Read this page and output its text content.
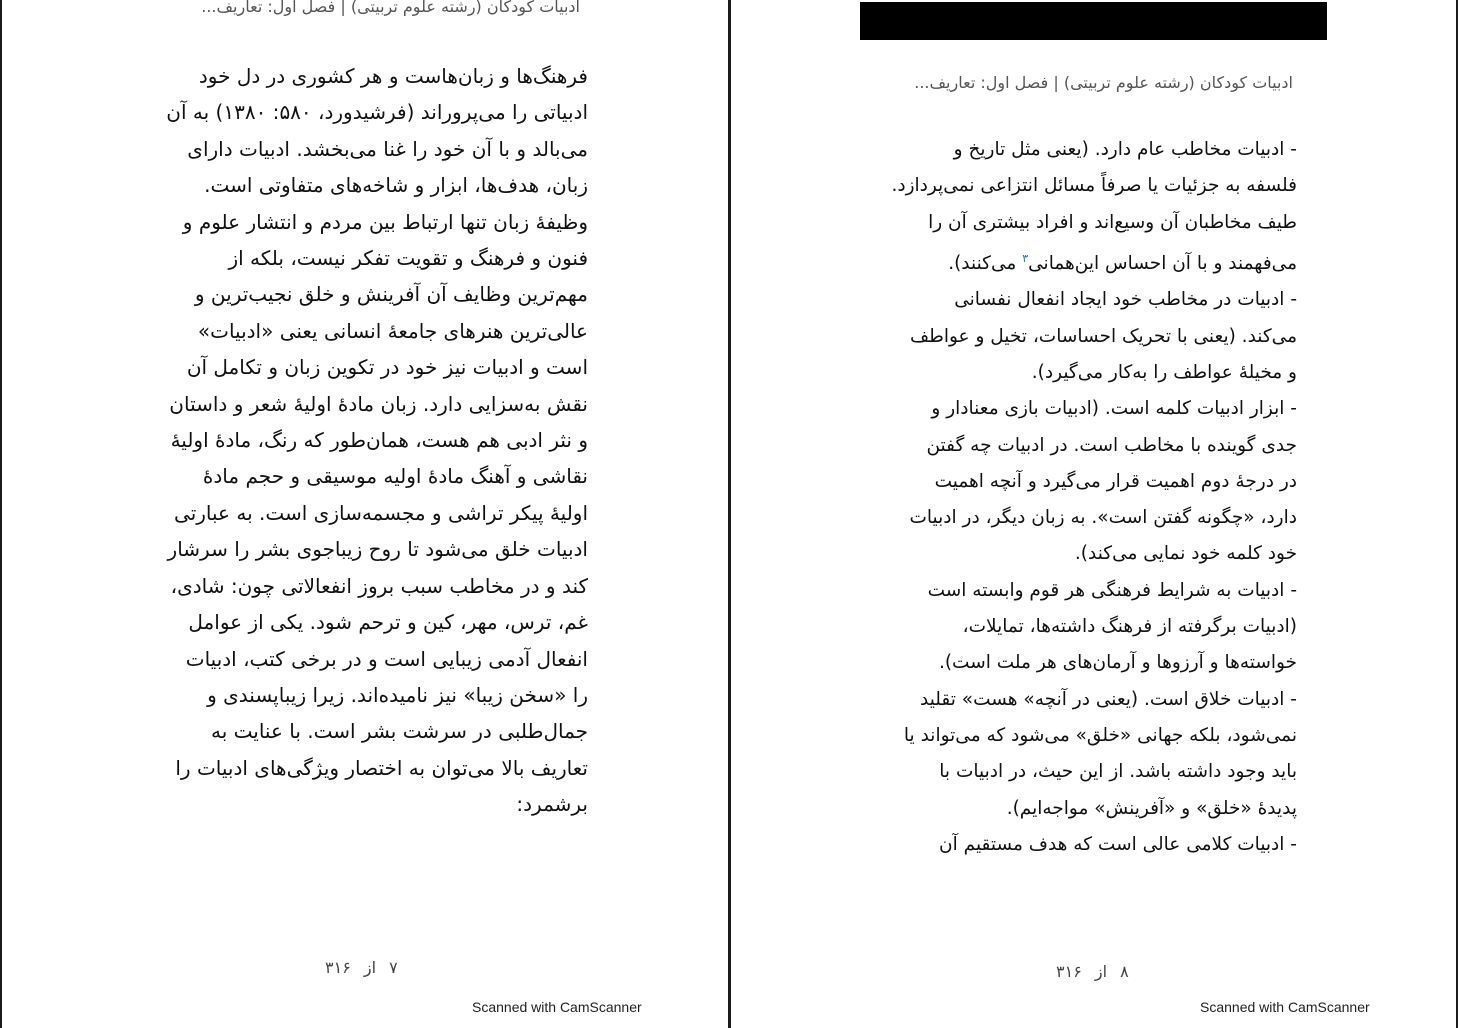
ادبیات کودکان (رشته علوم تربیتی) | فصل اول: تعاریف...
فرهنگ‌ها و زبان‌هاست و هر کشوری در دل خود
ادبیاتی را می‌پروراند (فرشیدورد، ۵۸۰: ۱۳۸۰) به آن
می‌بالد و با آن خود را غنا می‌بخشد. ادبیات دارای
زبان، هدف‌ها، ابزار و شاخه‌های متفاوتی است.
وظیفهٔ زبان تنها ارتباط بین مردم و انتشار علوم و
فنون و فرهنگ و تقویت تفکر نیست، بلکه از
مهم‌ترین وظایف آن آفرینش و خلق نجیب‌ترین و
عالی‌ترین هنرهای جامعهٔ انسانی یعنی «ادبیات»
است و ادبیات نیز خود در تکوین زبان و تکامل آن
نقش به‌سزایی دارد. زبان مادهٔ اولیهٔ شعر و داستان
و نثر ادبی هم هست، همان‌طور که رنگ، مادهٔ اولیهٔ
نقاشی و آهنگ مادهٔ اولیه موسیقی و حجم مادهٔ
اولیهٔ پیکر تراشی و مجسمه‌سازی است. به عبارتی
ادبیات خلق می‌شود تا روح زیباجوی بشر را سرشار
کند و در مخاطب سبب بروز انفعالاتی چون: شادی،
غم، ترس، مهر، کین و ترحم شود. یکی از عوامل
انفعال آدمی زیبایی است و در برخی کتب، ادبیات
را «سخن زیبا» نیز نامیده‌اند. زیرا زیباپسندی و
جمال‌طلبی در سرشت بشر است. با عنایت به
تعاریف بالا می‌توان به اختصار ویژگی‌های ادبیات را
برشمرد:
۷ از ۳۱۶
Scanned with CamScanner
ادبیات کودکان (رشته علوم تربیتی) | فصل اول: تعاریف...
- ادبیات مخاطب عام دارد. (یعنی مثل تاریخ و
فلسفه به جزئیات یا صرفاً مسائل انتزاعی نمی‌پردازد.
طیف مخاطبان آن وسیع‌اند و افراد بیشتری آن را
می‌فهمند و با آن احساس این‌همانی$^۳$ می‌کنند).
- ادبیات در مخاطب خود ایجاد انفعال نفسانی
می‌کند. (یعنی با تحریک احساسات، تخیل و عواطف
و مخیلهٔ عواطف را به‌کار می‌گیرد).
- ابزار ادبیات کلمه است. (ادبیات بازی معنادار و
جدی گوینده با مخاطب است. در ادبیات چه گفتن
در درجهٔ دوم اهمیت قرار می‌گیرد و آنچه اهمیت
دارد، «چگونه گفتن است». به زبان دیگر، در ادبیات
خود کلمه خود نمایی می‌کند).
- ادبیات به شرایط فرهنگی هر قوم وابسته است
(ادبیات برگرفته از فرهنگ داشته‌ها، تمایلات،
خواسته‌ها و آرزوها و آرمان‌های هر ملت است).
- ادبیات خلاق است. (یعنی در آنچه» هست» تقلید
نمی‌شود، بلکه جهانی «خلق» می‌شود که می‌تواند یا
باید وجود داشته باشد. از این حیث، در ادبیات با
پدیدهٔ «خلق» و «آفرینش» مواجه‌ایم).
- ادبیات کلامی عالی است که هدف مستقیم آن
۸ از ۳۱۶
Scanned with CamScanner
